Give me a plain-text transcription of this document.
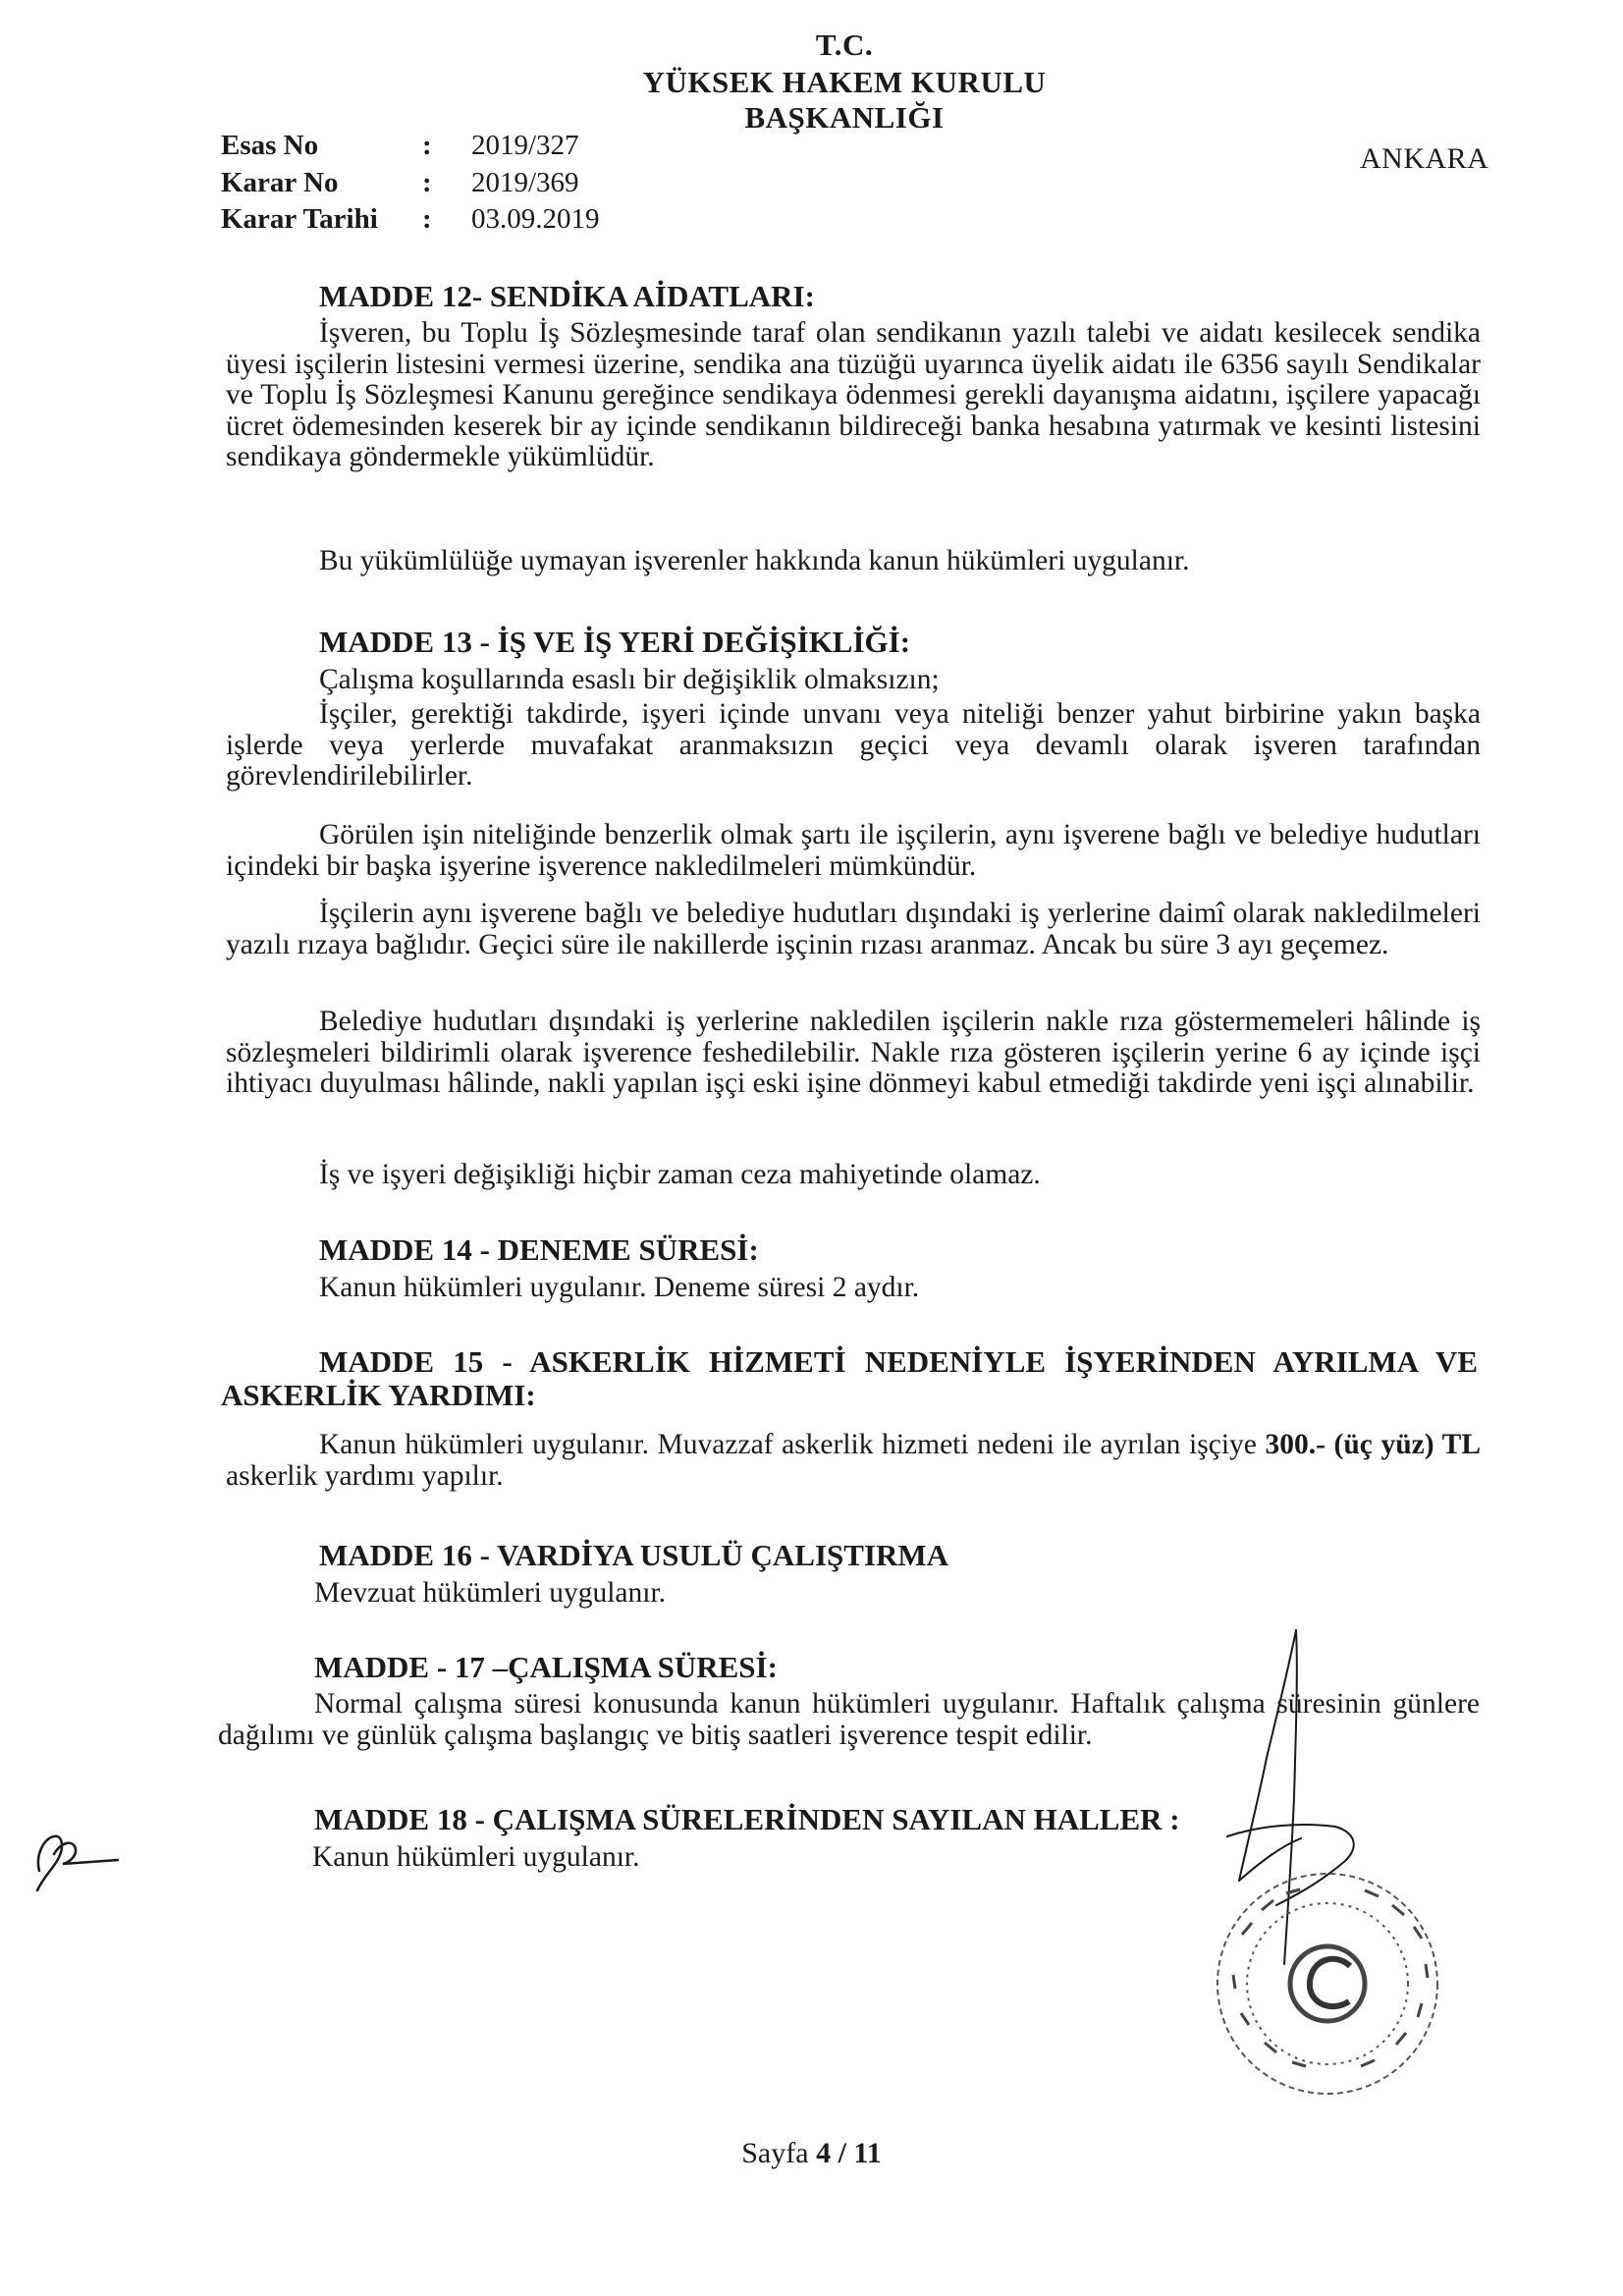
T.C.
YÜKSEK HAKEM KURULU
BAŞKANLIĞI
ANKARA
Esas No	: 2019/327
Karar No	: 2019/369
Karar Tarihi : 03.09.2019
MADDE 12- SENDİKA AİDATLARI:
İşveren, bu Toplu İş Sözleşmesinde taraf olan sendikanın yazılı talebi ve aidatı kesilecek sendika üyesi işçilerin listesini vermesi üzerine, sendika ana tüzüğü uyarınca üyelik aidatı ile 6356 sayılı Sendikalar ve Toplu İş Sözleşmesi Kanunu gereğince sendikaya ödenmesi gerekli dayanışma aidatını, işçilere yapacağı ücret ödemesinden keserek bir ay içinde sendikanın bildireceği banka hesabına yatırmak ve kesinti listesini sendikaya göndermekle yükümlüdür.
Bu yükümlülüğe uymayan işverenler hakkında kanun hükümleri uygulanır.
MADDE 13 - İŞ VE İŞ YERİ DEĞİŞİKLİĞİ:
Çalışma koşullarında esaslı bir değişiklik olmaksızın;
İşçiler, gerektiği takdirde, işyeri içinde unvanı veya niteliği benzer yahut birbirine yakın başka işlerde veya yerlerde muvafakat aranmaksızın geçici veya devamlı olarak işveren tarafından görevlendirilebilirler.
Görülen işin niteliğinde benzerlik olmak şartı ile işçilerin, aynı işverene bağlı ve belediye hudutları içindeki bir başka işyerine işverence nakledilmeleri mümkündür.
İşçilerin aynı işverene bağlı ve belediye hudutları dışındaki iş yerlerine daimî olarak nakledilmeleri yazılı rızaya bağlıdır. Geçici süre ile nakillerde işçinin rızası aranmaz. Ancak bu süre 3 ayı geçemez.
Belediye hudutları dışındaki iş yerlerine nakledilen işçilerin nakle rıza göstermemeleri hâlinde iş sözleşmeleri bildirimli olarak işverence feshedilebilir. Nakle rıza gösteren işçilerin yerine 6 ay içinde işçi ihtiyacı duyulması hâlinde, nakli yapılan işçi eski işine dönmeyi kabul etmediği takdirde yeni işçi alınabilir.
İş ve işyeri değişikliği hiçbir zaman ceza mahiyetinde olamaz.
MADDE 14 - DENEME SÜRESİ:
Kanun hükümleri uygulanır. Deneme süresi 2 aydır.
MADDE 15 - ASKERLİK HİZMETİ NEDENİYLE İŞYERİNDEN AYRILMA VE ASKERLİK YARDIMI:
Kanun hükümleri uygulanır. Muvazzaf askerlik hizmeti nedeni ile ayrılan işçiye 300.- (üç yüz) TL askerlik yardımı yapılır.
MADDE 16 - VARDİYA USULÜ ÇALIŞTIRMA
Mevzuat hükümleri uygulanır.
MADDE - 17 –ÇALIŞMA SÜRESİ:
Normal çalışma süresi konusunda kanun hükümleri uygulanır. Haftalık çalışma süresinin günlere dağılımı ve günlük çalışma başlangıç ve bitiş saatleri işverence tespit edilir.
MADDE 18 - ÇALIŞMA SÜRELERİNDEN SAYILAN HALLER :
Kanun hükümleri uygulanır.
Sayfa 4 / 11
